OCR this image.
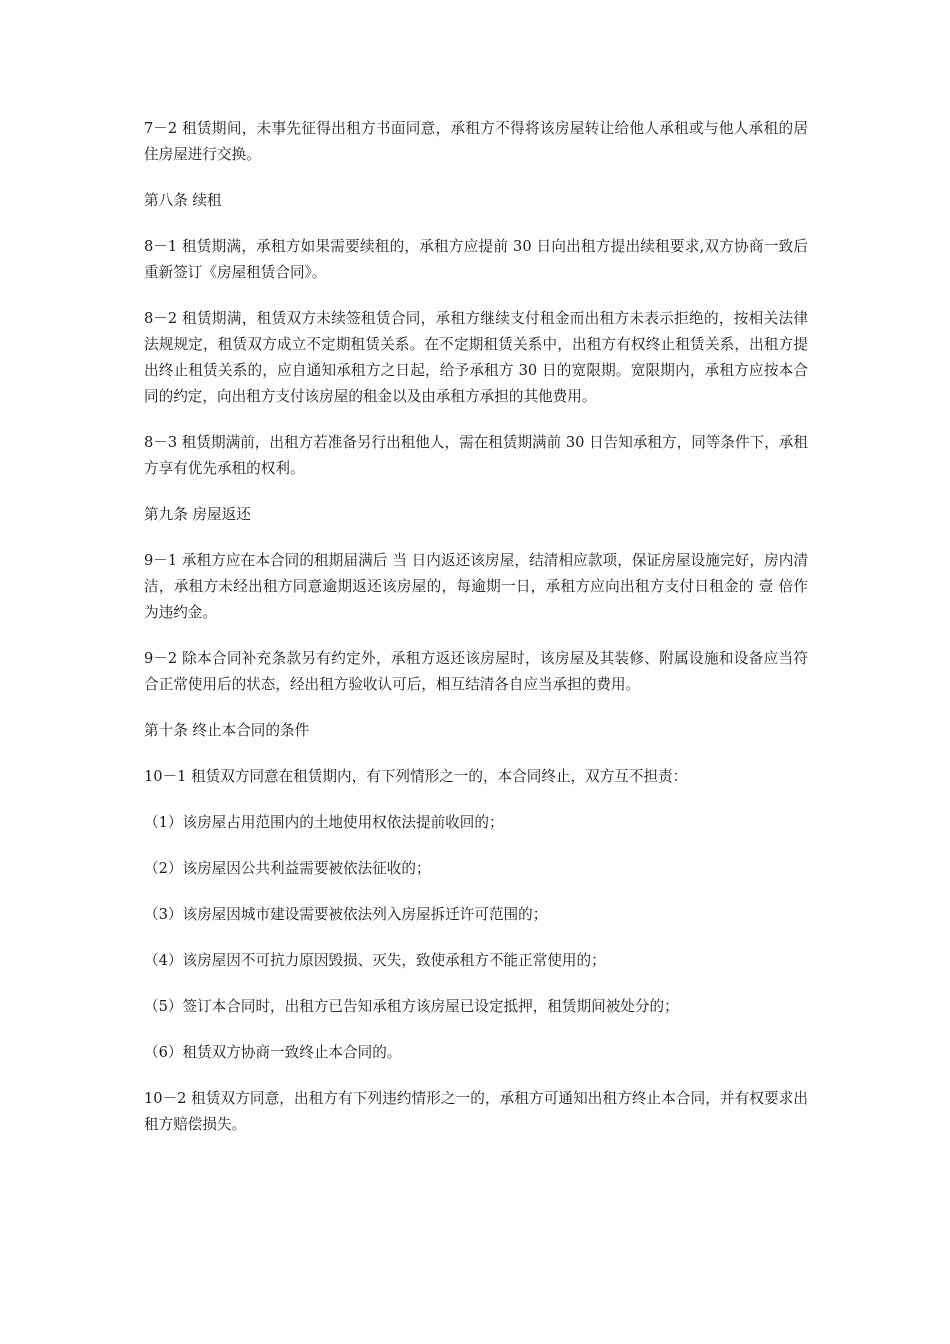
7－2 租赁期间，未事先征得出租方书面同意，承租方不得将该房屋转让给他人承租或与他人承租的居住房屋进行交换。

第八条 续租

8－1 租赁期满，承租方如果需要续租的，承租方应提前 30 日向出租方提出续租要求,双方协商一致后重新签订《房屋租赁合同》。

8－2 租赁期满，租赁双方未续签租赁合同，承租方继续支付租金而出租方未表示拒绝的，按相关法律法规规定，租赁双方成立不定期租赁关系。在不定期租赁关系中，出租方有权终止租赁关系，出租方提出终止租赁关系的，应自通知承租方之日起，给予承租方 30 日的宽限期。宽限期内，承租方应按本合同的约定，向出租方支付该房屋的租金以及由承租方承担的其他费用。

8－3 租赁期满前，出租方若准备另行出租他人，需在租赁期满前 30 日告知承租方，同等条件下，承租方享有优先承租的权利。

第九条 房屋返还

9－1 承租方应在本合同的租期届满后 当 日内返还该房屋，结清相应款项，保证房屋设施完好，房内清洁，承租方未经出租方同意逾期返还该房屋的，每逾期一日，承租方应向出租方支付日租金的 壹 倍作为违约金。

9－2 除本合同补充条款另有约定外，承租方返还该房屋时，该房屋及其装修、附属设施和设备应当符合正常使用后的状态，经出租方验收认可后，相互结清各自应当承担的费用。

第十条 终止本合同的条件

10－1 租赁双方同意在租赁期内，有下列情形之一的，本合同终止，双方互不担责：

（1）该房屋占用范围内的土地使用权依法提前收回的；

（2）该房屋因公共利益需要被依法征收的；

（3）该房屋因城市建设需要被依法列入房屋拆迁许可范围的；

（4）该房屋因不可抗力原因毁损、灭失，致使承租方不能正常使用的；

（5）签订本合同时，出租方已告知承租方该房屋已设定抵押，租赁期间被处分的；

（6）租赁双方协商一致终止本合同的。

10－2 租赁双方同意，出租方有下列违约情形之一的，承租方可通知出租方终止本合同，并有权要求出租方赔偿损失。
